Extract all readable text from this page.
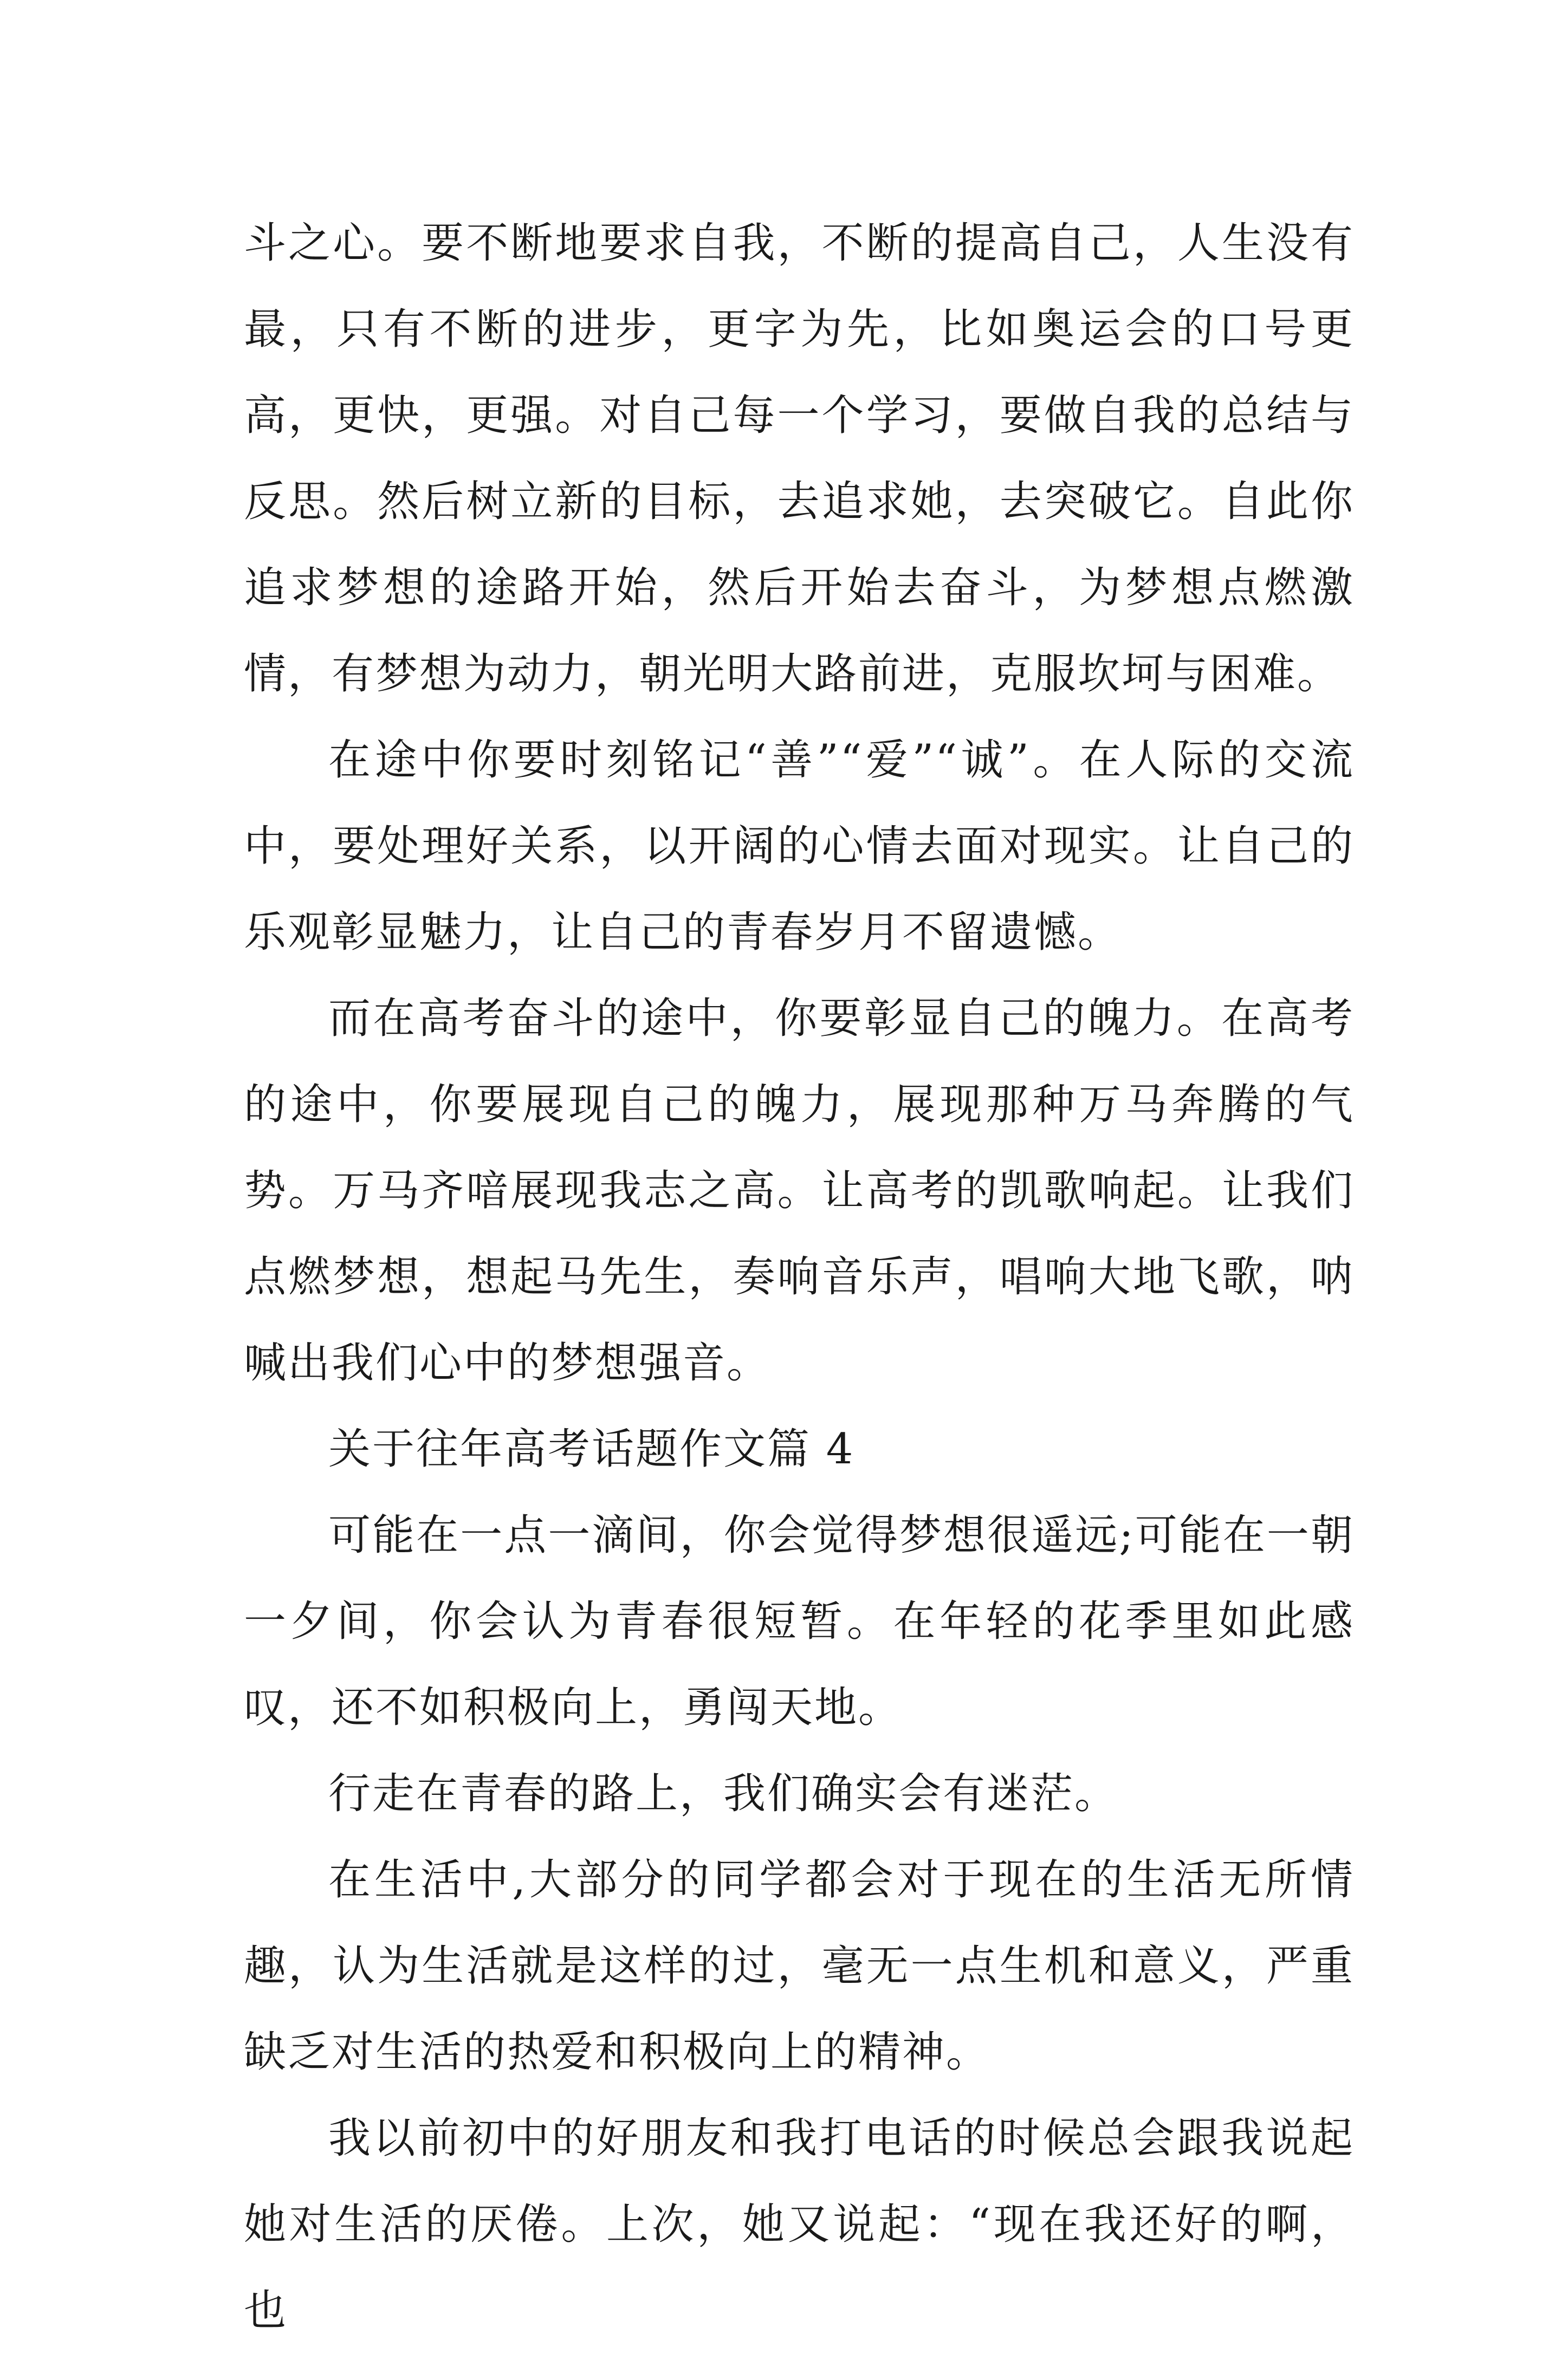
斗之心。要不断地要求自我，不断的提高自己，人生没有最，只有不断的进步，更字为先，比如奥运会的口号更高，更快，更强。对自己每一个学习，要做自我的总结与反思。然后树立新的目标，去追求她，去突破它。自此你追求梦想的途路开始，然后开始去奋斗，为梦想点燃激情，有梦想为动力，朝光明大路前进，克服坎坷与困难。

在途中你要时刻铭记“善”“爱”“诚”。在人际的交流中，要处理好关系，以开阔的心情去面对现实。让自己的乐观彰显魅力，让自己的青春岁月不留遗憾。

而在高考奋斗的途中，你要彰显自己的魄力。在高考的途中，你要展现自己的魄力，展现那种万马奔腾的气势。万马齐喑展现我志之高。让高考的凯歌响起。让我们点燃梦想，想起马先生，奏响音乐声，唱响大地飞歌，呐喊出我们心中的梦想强音。

关于往年高考话题作文篇 4

可能在一点一滴间，你会觉得梦想很遥远;可能在一朝一夕间，你会认为青春很短暂。在年轻的花季里如此感叹，还不如积极向上，勇闯天地。

行走在青春的路上，我们确实会有迷茫。

在生活中,大部分的同学都会对于现在的生活无所情趣，认为生活就是这样的过，毫无一点生机和意义，严重缺乏对生活的热爱和积极向上的精神。

我以前初中的好朋友和我打电话的时候总会跟我说起她对生活的厌倦。上次，她又说起：“现在我还好的啊，也
